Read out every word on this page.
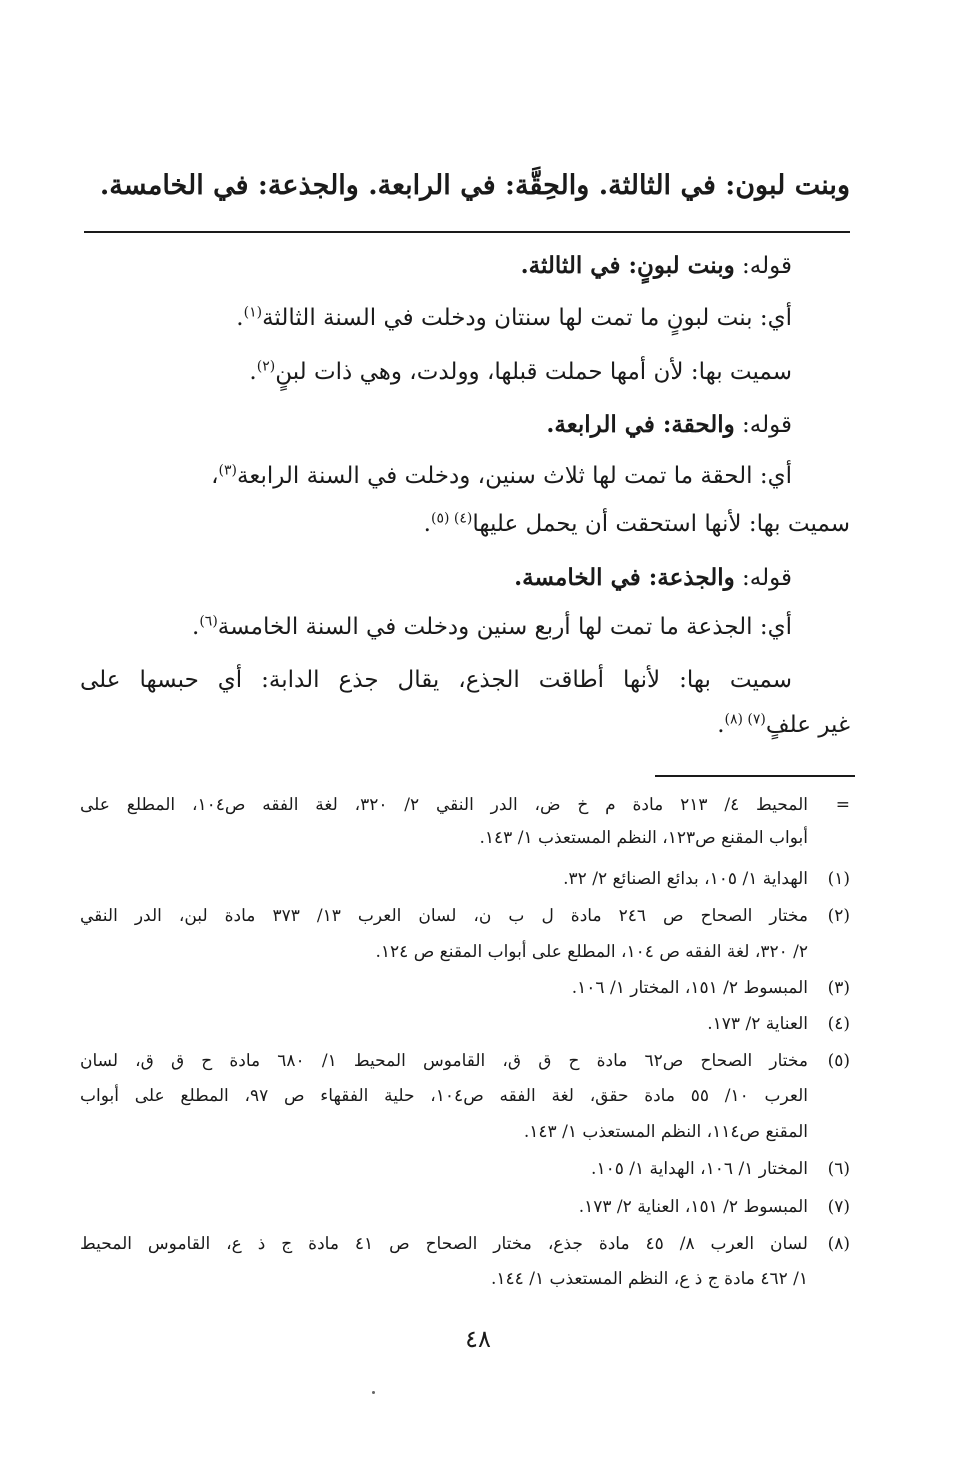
وبنت لبون: في الثالثة. والحِقَّة: في الرابعة. والجذعة: في الخامسة.
قوله: وبنت لبونٍ: في الثالثة.
أي: بنت لبونٍ ما تمت لها سنتان ودخلت في السنة الثالثة$^{(١)}$.
سميت بها: لأن أمها حملت قبلها، وولدت، وهي ذات لبنٍ$^{(٢)}$.
قوله: والحقة: في الرابعة.
أي: الحقة ما تمت لها ثلاث سنين، ودخلت في السنة الرابعة$^{(٣)}$،
سميت بها: لأنها استحقت أن يحمل عليها$^{(٤) (٥)}$.
قوله: والجذعة: في الخامسة.
أي: الجذعة ما تمت لها أربع سنين ودخلت في السنة الخامسة$^{(٦)}$.
سميت بها: لأنها أطاقت الجذع، يقال جذع الدابة: أي حبسها على
غير علفٍ$^{(٧) (٨)}$.
=
المحيط ٤/ ٢١٣ مادة م خ ض، الدر النقي ٢/ ٣٢٠، لغة الفقه ص١٠٤، المطلع على
أبواب المقنع ص١٢٣، النظم المستعذب ١/ ١٤٣.
(١)
الهداية ١/ ١٠٥، بدائع الصنائع ٢/ ٣٢.
(٢)
مختار الصحاح ص ٢٤٦ مادة ل ب ن، لسان العرب ١٣/ ٣٧٣ مادة لبن، الدر النقي
٢/ ٣٢٠، لغة الفقه ص ١٠٤، المطلع على أبواب المقنع ص ١٢٤.
(٣)
المبسوط ٢/ ١٥١، المختار ١/ ١٠٦.
(٤)
العناية ٢/ ١٧٣.
(٥)
مختار الصحاح ص٦٢ مادة ح ق ق، القاموس المحيط ١/ ٦٨٠ مادة ح ق ق، لسان
العرب ١٠/ ٥٥ مادة حقق، لغة الفقه ص١٠٤، حلية الفقهاء ص ٩٧، المطلع على أبواب
المقنع ص١١٤، النظم المستعذب ١/ ١٤٣.
(٦)
المختار ١/ ١٠٦، الهداية ١/ ١٠٥.
(٧)
المبسوط ٢/ ١٥١، العناية ٢/ ١٧٣.
(٨)
لسان العرب ٨/ ٤٥ مادة جذع، مختار الصحاح ص ٤١ مادة ج ذ ع، القاموس المحيط
١/ ٤٦٢ مادة ج ذ ع، النظم المستعذب ١/ ١٤٤.
٤٨
